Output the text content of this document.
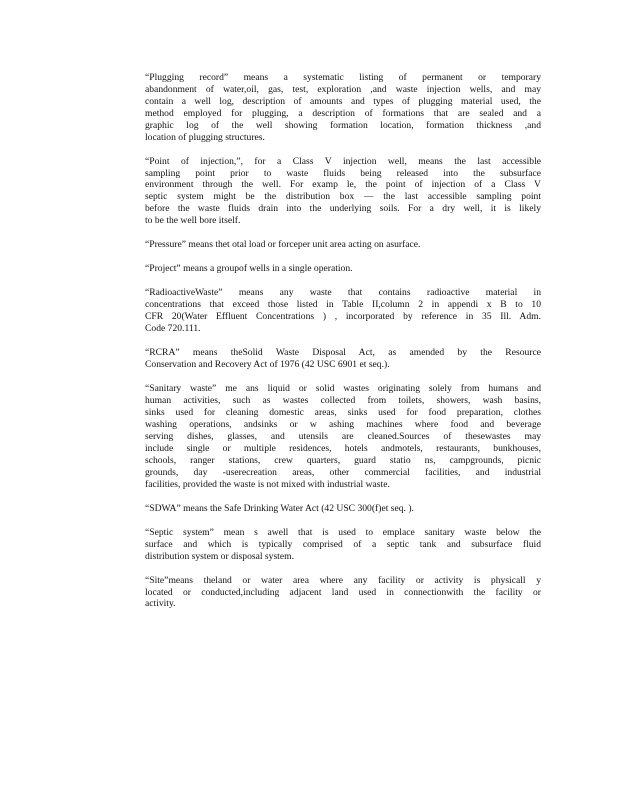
“Plugging record” means a systematic listing of permanent or temporary
abandonment of water,oil, gas, test, exploration ,and waste injection wells, and may
contain a well log, description of amounts and types of plugging material used, the
method employed for plugging, a description of formations that are sealed and a
graphic log of the well showing formation location, formation thickness ,and
location of plugging structures.
“Point of injection,”, for a Class V injection well, means the last accessible
sampling point prior to waste fluids being released into the subsurface
environment through the well. For examp le, the point of injection of a Class V
septic system might be the distribution box — the last accessible sampling point
before the waste fluids drain into the underlying soils. For a dry well, it is likely
to be the well bore itself.
“Pressure” means thet otal load or forceper unit area acting on asurface.
“Project” means a groupof wells in a single operation.
“RadioactiveWaste” means any waste that contains radioactive material in
concentrations that exceed those listed in Table II,column 2 in appendi x B to 10
CFR 20(Water Effluent Concentrations ) , incorporated by reference in 35 Ill. Adm.
Code 720.111.
“RCRA” means theSolid Waste Disposal Act, as amended by the Resource
Conservation and Recovery Act of 1976 (42 USC 6901 et seq.).
“Sanitary waste” me ans liquid or solid wastes originating solely from humans and
human activities, such as wastes collected from toilets, showers, wash basins,
sinks used for cleaning domestic areas, sinks used for food preparation, clothes
washing operations, andsinks or w ashing machines where food and beverage
serving dishes, glasses, and utensils are cleaned.Sources of thesewastes may
include single or multiple residences, hotels andmotels, restaurants, bunkhouses,
schools, ranger stations, crew quarters, guard statio ns, campgrounds, picnic
grounds, day -userecreation areas, other commercial facilities, and industrial
facilities, provided the waste is not mixed with industrial waste.
“SDWA” means the Safe Drinking Water Act (42 USC 300(f)et seq. ).
“Septic system” mean s awell that is used to emplace sanitary waste below the
surface and which is typically comprised of a septic tank and subsurface fluid
distribution system or disposal system.
“Site”means theland or water area where any facility or activity is physicall y
located or conducted,including adjacent land used in connectionwith the facility or
activity.
